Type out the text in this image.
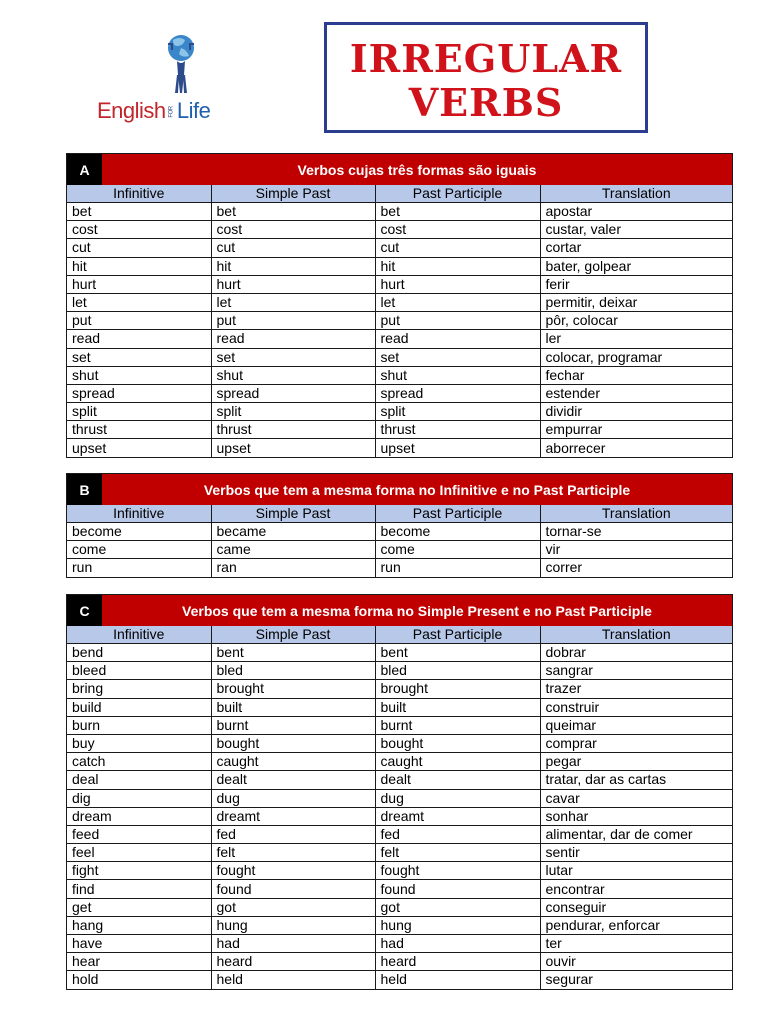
English FOR Life
IRREGULAR
VERBS
A	Verbos cujas três formas são iguais
Infinitive	Simple Past	Past Participle	Translation
bet	bet	bet	apostar
cost	cost	cost	custar, valer
cut	cut	cut	cortar
hit	hit	hit	bater, golpear
hurt	hurt	hurt	ferir
let	let	let	permitir, deixar
put	put	put	pôr, colocar
read	read	read	ler
set	set	set	colocar, programar
shut	shut	shut	fechar
spread	spread	spread	estender
split	split	split	dividir
thrust	thrust	thrust	empurrar
upset	upset	upset	aborrecer
B	Verbos que tem a mesma forma no Infinitive e no Past Participle
Infinitive	Simple Past	Past Participle	Translation
become	became	become	tornar-se
come	came	come	vir
run	ran	run	correr
C	Verbos que tem a mesma forma no Simple Present e no Past Participle
Infinitive	Simple Past	Past Participle	Translation
bend	bent	bent	dobrar
bleed	bled	bled	sangrar
bring	brought	brought	trazer
build	built	built	construir
burn	burnt	burnt	queimar
buy	bought	bought	comprar
catch	caught	caught	pegar
deal	dealt	dealt	tratar, dar as cartas
dig	dug	dug	cavar
dream	dreamt	dreamt	sonhar
feed	fed	fed	alimentar, dar de comer
feel	felt	felt	sentir
fight	fought	fought	lutar
find	found	found	encontrar
get	got	got	conseguir
hang	hung	hung	pendurar, enforcar
have	had	had	ter
hear	heard	heard	ouvir
hold	held	held	segurar
